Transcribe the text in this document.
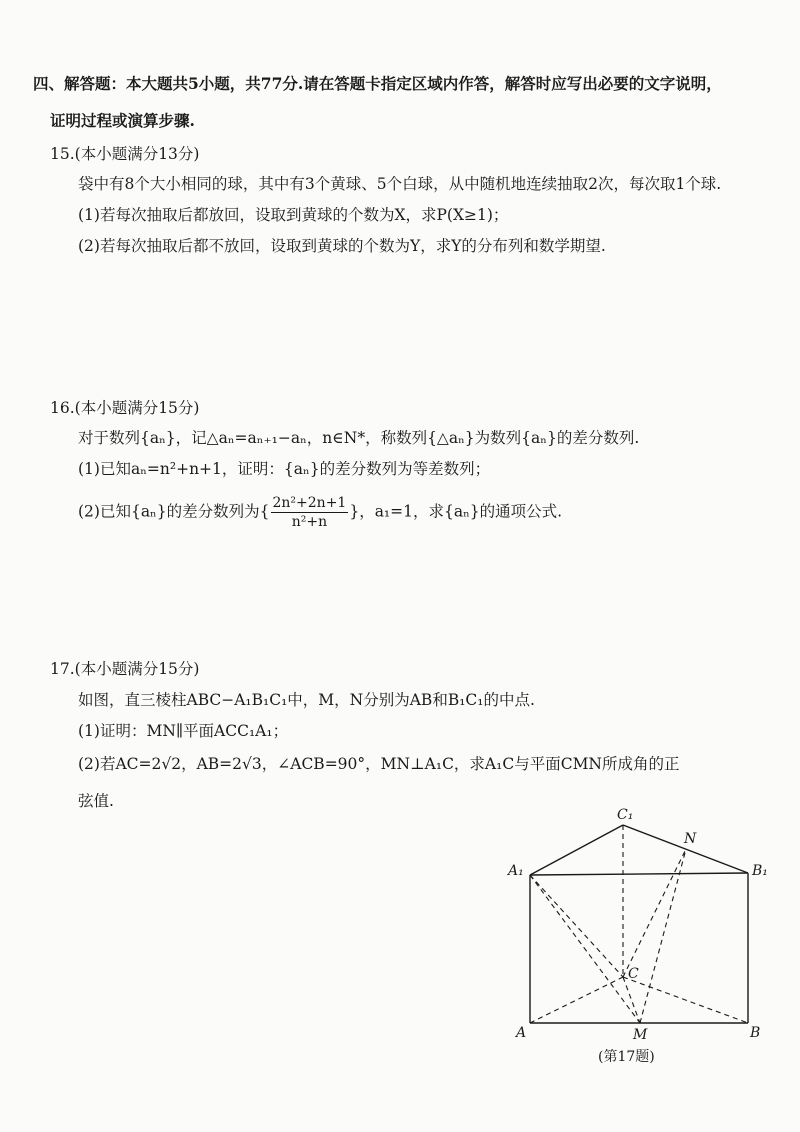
四、解答题：本大题共5小题，共77分.请在答题卡指定区域内作答，解答时应写出必要的文字说明，
证明过程或演算步骤.
15.(本小题满分13分)
袋中有8个大小相同的球，其中有3个黄球、5个白球，从中随机地连续抽取2次，每次取1个球.
(1)若每次抽取后都放回，设取到黄球的个数为X，求P(X≥1)；
(2)若每次抽取后都不放回，设取到黄球的个数为Y，求Y的分布列和数学期望.
16.(本小题满分15分)
对于数列{aₙ}，记△aₙ=aₙ₊₁−aₙ，n∈N*，称数列{△aₙ}为数列{aₙ}的差分数列.
(1)已知aₙ=n²+n+1，证明：{aₙ}的差分数列为等差数列；
(2)已知{aₙ}的差分数列为{ $\frac{\text{2n²+2n+1}}{\text{n²+n}}$ }，a₁=1，求{aₙ}的通项公式.
17.(本小题满分15分)
如图，直三棱柱ABC−A₁B₁C₁中，M，N分别为AB和B₁C₁的中点.
(1)证明：MN∥平面ACC₁A₁；
(2)若AC=2√2，AB=2√3，∠ACB=90°，MN⊥A₁C，求A₁C与平面CMN所成角的正
弦值.
C₁
N
A₁	B₁
C
A	M	B
(第17题)
